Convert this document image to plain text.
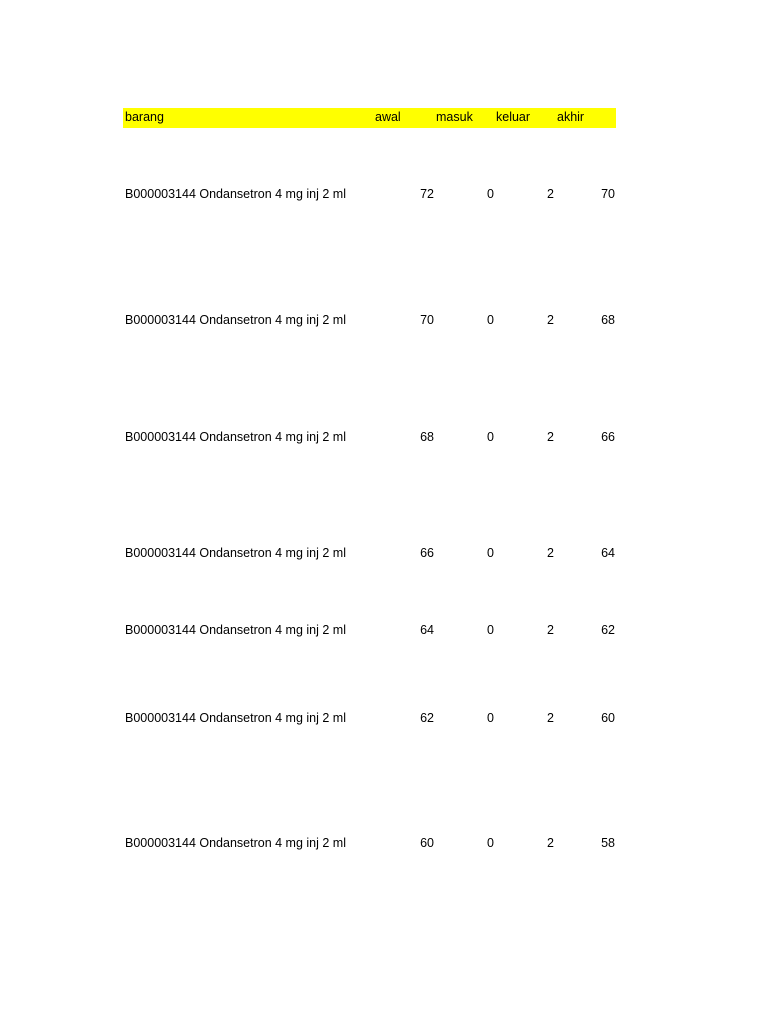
barang	awal	masuk keluar akhir
B000003144 Ondansetron 4 mg inj 2 ml	72	0	2	70
B000003144 Ondansetron 4 mg inj 2 ml	70	0	2	68
B000003144 Ondansetron 4 mg inj 2 ml	68	0	2	66
B000003144 Ondansetron 4 mg inj 2 ml	66	0	2	64
B000003144 Ondansetron 4 mg inj 2 ml	64	0	2	62
B000003144 Ondansetron 4 mg inj 2 ml	62	0	2	60
B000003144 Ondansetron 4 mg inj 2 ml	60	0	2	58
